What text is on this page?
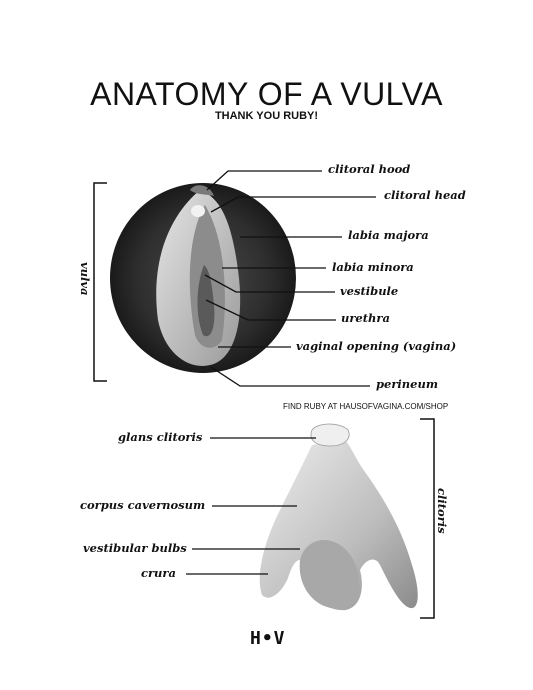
ANATOMY OF A VULVA
THANK YOU RUBY!
clitoral hood
clitoral head
labia majora
labia minora
vestibule
urethra
vaginal opening (vagina)
perineum
vulva
FIND RUBY AT HAUSOFVAGINA.COM/SHOP
glans clitoris
corpus cavernosum
vestibular bulbs
crura
clitoris
H•V
